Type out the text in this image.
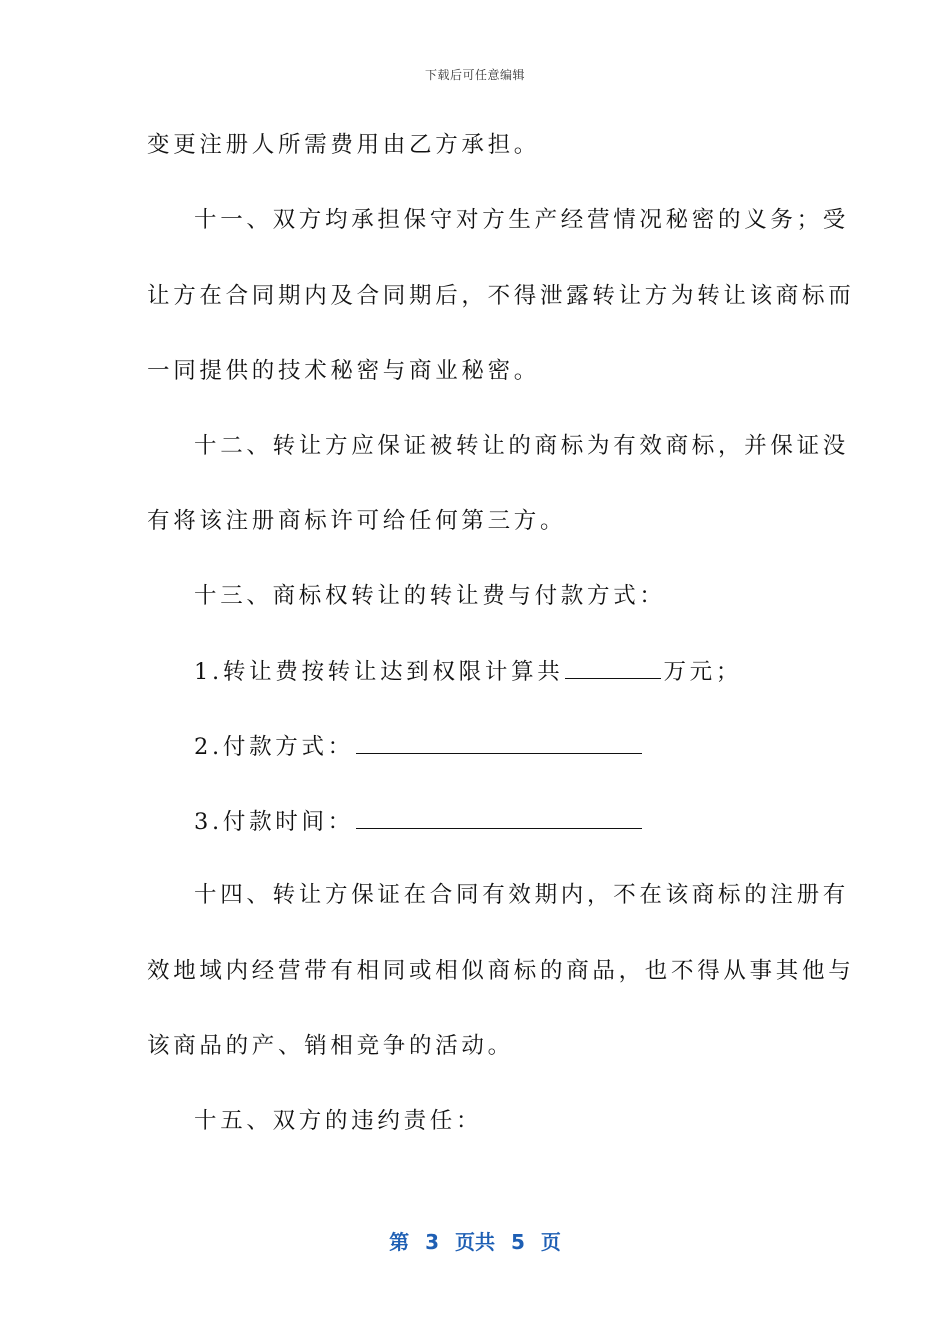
下载后可任意编辑
变更注册人所需费用由乙方承担。
十一、双方均承担保守对方生产经营情况秘密的义务；受
让方在合同期内及合同期后，不得泄露转让方为转让该商标而
一同提供的技术秘密与商业秘密。
十二、转让方应保证被转让的商标为有效商标，并保证没
有将该注册商标许可给任何第三方。
十三、商标权转让的转让费与付款方式：
1.转让费按转让达到权限计算共	万元；
2.付款方式：
3.付款时间：
十四、转让方保证在合同有效期内，不在该商标的注册有
效地域内经营带有相同或相似商标的商品，也不得从事其他与
该商品的产、销相竞争的活动。
十五、双方的违约责任：
第 3 页共 5 页
